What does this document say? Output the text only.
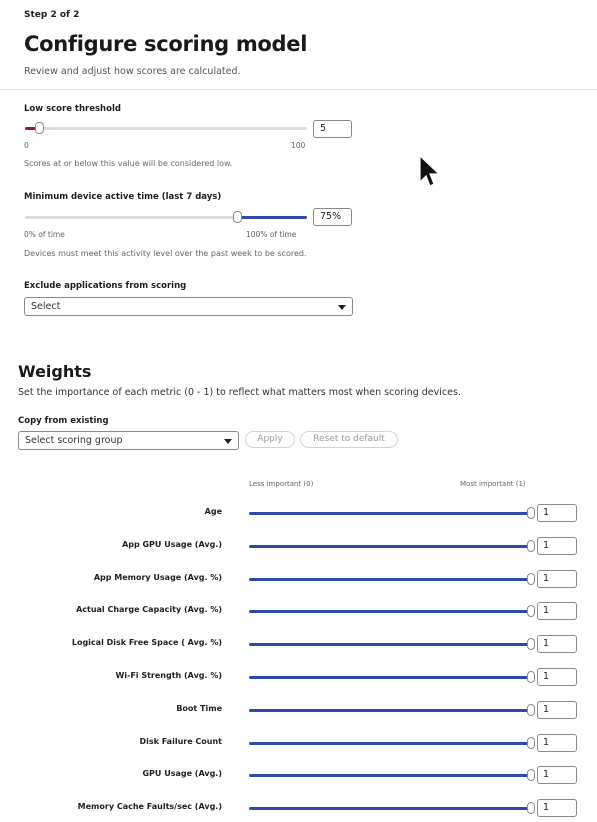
Step 2 of 2
Configure scoring model
Review and adjust how scores are calculated.
Low score threshold
5
0	100
Scores at or below this value will be considered low.
Minimum device active time (last 7 days)
75%
0% of time	100% of time
Devices must meet this activity level over the past week to be scored.
Exclude applications from scoring
Select
Weights
Set the importance of each metric (0 - 1) to reflect what matters most when scoring devices.
Copy from existing
Select scoring group	Apply	Reset to default
Less important (0)	Most important (1)
Age	1
App GPU Usage (Avg.)	1
App Memory Usage (Avg. %)	1
Actual Charge Capacity (Avg. %)	1
Logical Disk Free Space ( Avg. %)	1
Wi-Fi Strength (Avg. %)	1
Boot Time	1
Disk Failure Count	1
GPU Usage (Avg.)	1
Memory Cache Faults/sec (Avg.)	1
